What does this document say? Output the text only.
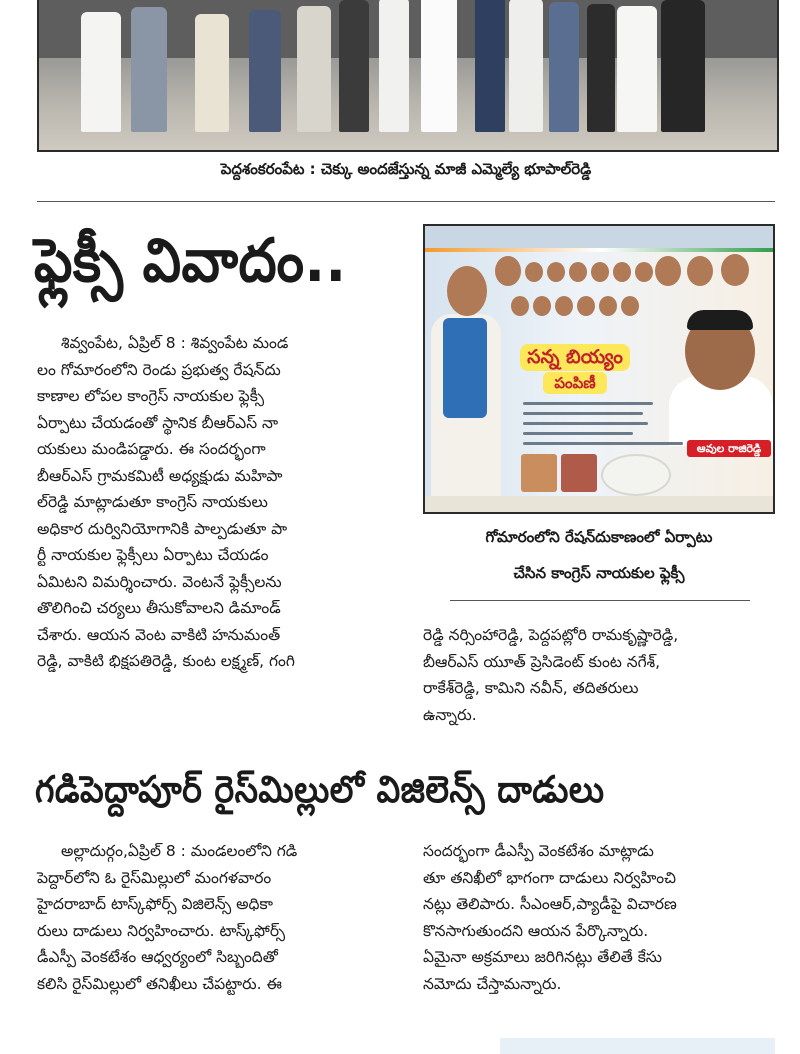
పెద్దశంకరంపేట : చెక్కు అందజేస్తున్న మాజీ ఎమ్మెల్యే భూపాల్‌రెడ్డి
ఫ్లెక్సీ వివాదం..
శివ్వంపేట, ఏప్రిల్‌ 8 : శివ్వంపేట మండ
లం గోమారంలోని రెండు ప్రభుత్వ రేషన్‌దు
కాణాల లోపల కాంగ్రెస్‌ నాయకుల ఫ్లెక్సీ
ఏర్పాటు చేయడంతో స్థానిక బీఆర్‌ఎస్‌ నా
యకులు మండిపడ్డారు. ఈ సందర్భంగా
బీఆర్‌ఎస్‌ గ్రామకమిటీ అధ్యక్షుడు మహిపా
ల్‌రెడ్డి మాట్లాడుతూ కాంగ్రెస్‌ నాయకులు
అధికార దుర్వినియోగానికి పాల్పడుతూ పా
ర్టీ నాయకుల ఫ్లెక్సీలు ఏర్పాటు చేయడం
ఏమిటని విమర్శించారు. వెంటనే ఫ్లెక్సీలను
తొలిగించి చర్యలు తీసుకోవాలని డిమాండ్‌
చేశారు. ఆయన వెంట వాకిటి హనుమంత్‌
రెడ్డి, వాకిటి భిక్షపతిరెడ్డి, కుంట లక్ష్మణ్‌, గంగి
సన్న బియ్యం
పంపిణీ
ఆవుల రాజిరెడ్డి
గోమారంలోని రేషన్‌దుకాణంలో ఏర్పాటు
చేసిన కాంగ్రెస్‌ నాయకుల ఫ్లెక్సీ
రెడ్డి నర్సింహారెడ్డి, పెద్దపట్లోరి రామకృష్ణారెడ్డి,
బీఆర్‌ఎస్‌ యూత్‌ ప్రెసిడెంట్‌ కుంట నగేశ్‌,
రాకేశ్‌రెడ్డి, కామిని నవీన్‌, తదితరులు
ఉన్నారు.
గడిపెద్దాపూర్‌ రైస్‌మిల్లులో విజిలెన్స్‌ దాడులు
అల్లాదుర్గం,ఏప్రిల్‌ 8 : మండలంలోని గడి
పెద్దార్‌లోని ఓ రైస్‌మిల్లులో మంగళవారం
హైదరాబాద్‌ టాస్క్‌ఫోర్స్‌ విజిలెన్స్‌ అధికా
రులు దాడులు నిర్వహించారు. టాస్క్‌ఫోర్స్‌
డీఎస్పీ వెంకటేశం ఆధ్వర్యంలో సిబ్బందితో
కలిసి రైస్‌మిల్లులో తనిఖీలు చేపట్టారు. ఈ
సందర్భంగా డీఎస్పీ వెంకటేశం మాట్లాడు
తూ తనిఖీలో భాగంగా దాడులు నిర్వహించి
నట్లు తెలిపారు. సీఎంఆర్‌,ప్యాడీపై విచారణ
కొనసాగుతుందని ఆయన పేర్కొన్నారు.
ఏమైనా అక్రమాలు జరిగినట్లు తేలితే కేసు
నమోదు చేస్తామన్నారు.
